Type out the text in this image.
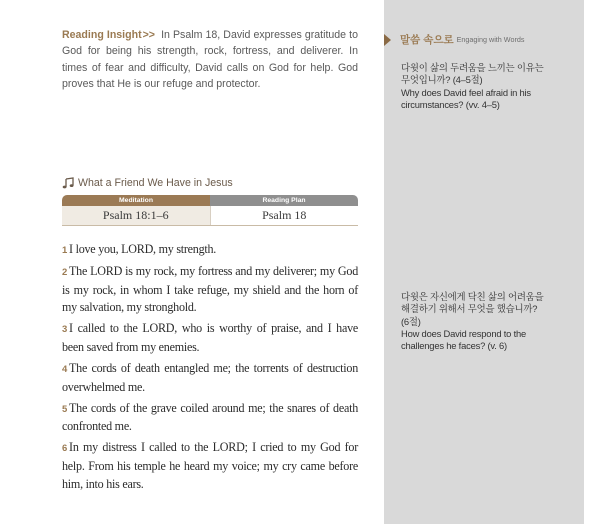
Reading Insight>> In Psalm 18, David expresses gratitude to God for being his strength, rock, fortress, and deliverer. In times of fear and difficulty, David calls on God for help. God proves that He is our refuge and protector.
What a Friend We Have in Jesus
Meditation	Reading Plan
Psalm 18:1–6	Psalm 18

1 I love you, LORD, my strength.

2 The LORD is my rock, my fortress and my deliverer; my God is my rock, in whom I take refuge, my shield and the horn of my salvation, my stronghold.

3 I called to the LORD, who is worthy of praise, and I have been saved from my enemies.

4 The cords of death entangled me; the torrents of destruction overwhelmed me.

5 The cords of the grave coiled around me; the snares of death confronted me.

6 In my distress I called to the LORD; I cried to my God for help. From his temple he heard my voice; my cry came before him, into his ears.

말씀 속으로 Engaging with Words
다윗이 삶의 두려움을 느끼는 이유는 무엇입니까? (4–5절)
Why does David feel afraid in his circumstances? (vv. 4–5)
다윗은 자신에게 닥친 삶의 어려움을 해결하기 위해서 무엇을 했습니까? (6절)
How does David respond to the challenges he faces? (v. 6)
